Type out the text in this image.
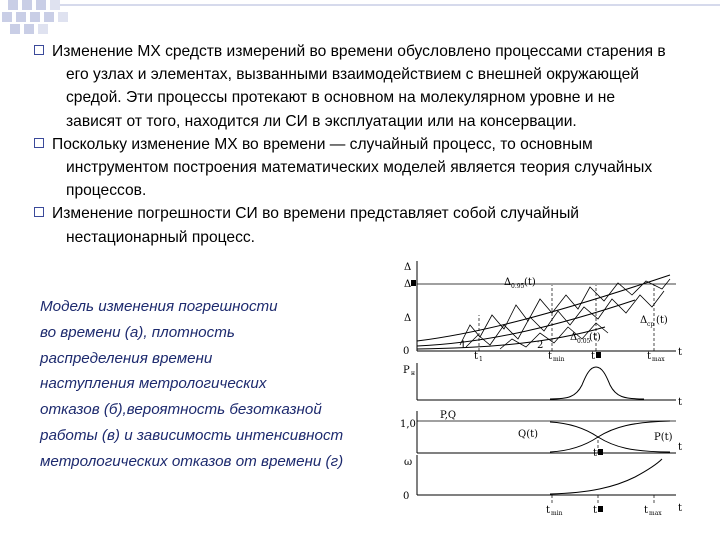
Изменение МХ средств измерений во времени обусловлено процессами старения в его узлах и элементах, вызванными взаимодействием с внешней окружающей средой. Эти процессы протекают в основном на молекулярном уровне и не зависят от того, находится ли СИ в эксплуатации или на консервации.

Поскольку изменение МХ во времени — случайный процесс, то основным инструментом построения математических моделей является теория случайных процессов.

Изменение погрешности СИ во времени представляет собой случайный нестационарный процесс.

Модель изменения погрешности
во времени (а), плотность
распределения времени
наступления метрологических
отказов (б),вероятность безотказной
работы (в) и зависимость интенсивност
метрологических отказов от времени (г)
Δ
Δ
Δ
0
Δ 0.95 (t)
Δ cp (t)
Δ 0.05
(t)
1	2
t 1	t min	t	t max
t
P н
t
1,0
P,Q
Q(t)	P(t)
t
t
ω
0
t min	t	t max t
